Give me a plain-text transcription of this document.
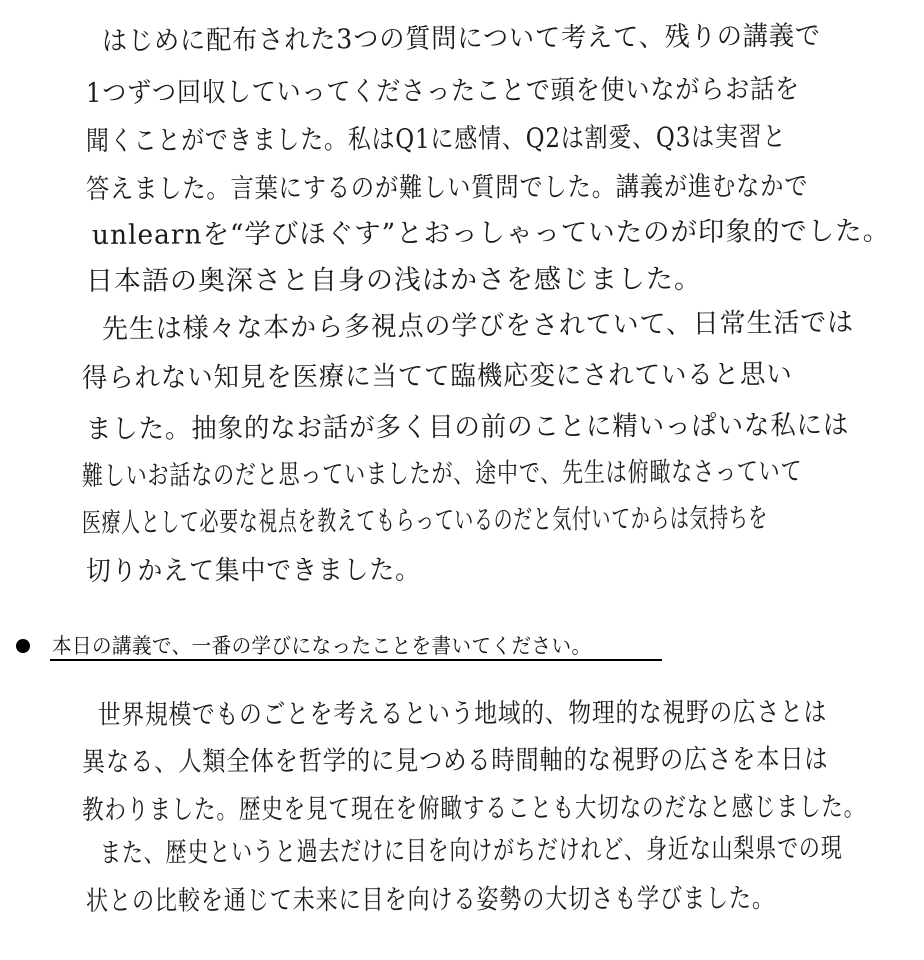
はじめに配布された3つの質問について考えて、残りの講義で
1つずつ回収していってくださったことで頭を使いながらお話を
聞くことができました。私はQ1に感情、Q2は割愛、Q3は実習と
答えました。言葉にするのが難しい質問でした。講義が進むなかで
unlearnを“学びほぐす”とおっしゃっていたのが印象的でした。
日本語の奥深さと自身の浅はかさを感じました。
先生は様々な本から多視点の学びをされていて、日常生活では
得られない知見を医療に当てて臨機応変にされていると思い
ました。抽象的なお話が多く目の前のことに精いっぱいな私には
難しいお話なのだと思っていましたが、途中で、先生は俯瞰なさっていて
医療人として必要な視点を教えてもらっているのだと気付いてからは気持ちを
切りかえて集中できました。
本日の講義で、一番の学びになったことを書いてください。
世界規模でものごとを考えるという地域的、物理的な視野の広さとは
異なる、人類全体を哲学的に見つめる時間軸的な視野の広さを本日は
教わりました。歴史を見て現在を俯瞰することも大切なのだなと感じました。
また、歴史というと過去だけに目を向けがちだけれど、身近な山梨県での現
状との比較を通じて未来に目を向ける姿勢の大切さも学びました。
